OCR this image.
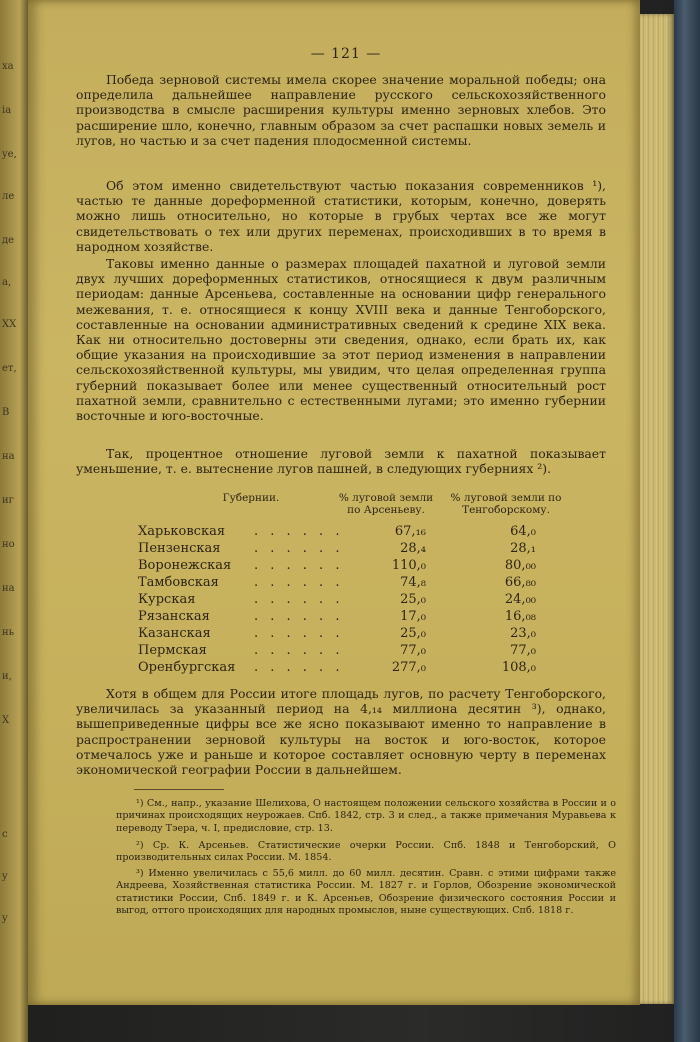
xa
ia
ye,
ле
де
a,
XX
ет,
В
на
иг
но
на
нь
и,
X
c
y
y
— 121 —

Победа зерновой системы имела скорее значение моральной победы; она определила дальнейшее направление русского сельскохозяйственного производства в смысле расширения культуры именно зерновых хлебов. Это расширение шло, конечно, главным образом за счет распашки новых земель и лугов, но частью и за счет падения плодосменной системы.

Об этом именно свидетельствуют частью показания современников ¹), частью те данные дореформенной статистики, которым, конечно, доверять можно лишь относительно, но которые в грубых чертах все же могут свидетельствовать о тех или других переменах, происходивших в то время в народном хозяйстве.

Таковы именно данные о размерах площадей пахатной и луговой земли двух лучших дореформенных статистиков, относящиеся к двум различным периодам: данные Арсеньева, составленные на основании цифр генерального межевания, т. е. относящиеся к концу XVIII века и данные Тенгоборского, составленные на основании административных сведений к средине XIX века. Как ни относительно достоверны эти сведения, однако, если брать их, как общие указания на происходившие за этот период изменения в направлении сельскохозяйственной культуры, мы увидим, что целая определенная группа губерний показывает более или менее существенный относительный рост пахатной земли, сравнительно с естественными лугами; это именно губернии восточные и юго-восточные.

Так, процентное отношение луговой земли к пахатной показывает уменьшение, т. е. вытеснение лугов пашней, в следующих губерниях ²).

Губернии.	% луговой земли по Арсеньеву.
% луговой земли по Тенгоборскому.
Харьковская . . . . . .	67,₁₆	64,₀
Пензенская	. . . . . .	28,₄	28,₁
Воронежская . . . . . .	110,₀	80,₀₀
Тамбовская	. . . . . .	74,₈	66,₈₀
Курская	. . . . . .	25,₀	24,₀₀
Рязанская	. . . . . .	17,₀	16,₀₈
Казанская	. . . . . .	25,₀	23,₀
Пермская	. . . . . .	77,₀	77,₀
Оренбургская . . . . . .	277,₀	108,₀

Хотя в общем для России итоге площадь лугов, по расчету Тенгоборского, увеличилась за указанный период на 4,₁₄ миллиона десятин ³), однако, вышеприведенные цифры все же ясно показывают именно то направление в распространении зерновой культуры на восток и юго-восток, которое отмечалось уже и раньше и которое составляет основную черту в переменах экономической географии России в дальнейшем.

¹) См., напр., указание Шелихова, О настоящем положении сельского хозяйства в России и о причинах происходящих неурожаев. Спб. 1842, стр. 3 и след., а также примечания Муравьева к переводу Тэера, ч. I, предисловие, стр. 13.

²) Ср. К. Арсеньев. Статистические очерки России. Спб. 1848 и Тенгоборский, О производительных силах России. М. 1854.

³) Именно увеличилась с 55,6 милл. до 60 милл. десятин. Сравн. с этими цифрами также Андреева, Хозяйственная статистика России. М. 1827 г. и Горлов, Обозрение экономической статистики России, Спб. 1849 г. и К. Арсеньев, Обозрение физического состояния России и выгод, оттого происходящих для народных промыслов, ныне существующих. Спб. 1818 г.
